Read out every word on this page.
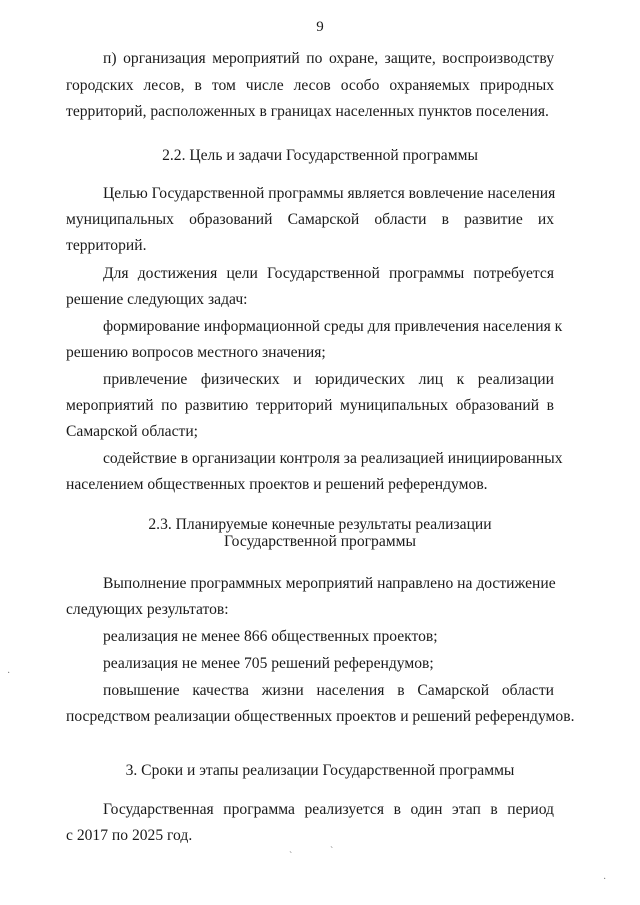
9
п) организация мероприятий по охране, защите, воспроизводству
городских лесов, в том числе лесов особо охраняемых природных
территорий, расположенных в границах населенных пунктов поселения.
2.2. Цель и задачи Государственной программы
Целью Государственной программы является вовлечение населения
муниципальных образований Самарской области в развитие их
территорий.
Для достижения цели Государственной программы потребуется
решение следующих задач:
формирование информационной среды для привлечения населения к
решению вопросов местного значения;
привлечение физических и юридических лиц к реализации
мероприятий по развитию территорий муниципальных образований в
Самарской области;
содействие в организации контроля за реализацией инициированных
населением общественных проектов и решений референдумов.
2.3. Планируемые конечные результаты реализации
Государственной программы
Выполнение программных мероприятий направлено на достижение
следующих результатов:
реализация не менее 866 общественных проектов;
реализация не менее 705 решений референдумов;
повышение качества жизни населения в Самарской области
посредством реализации общественных проектов и решений референдумов.
3. Сроки и этапы реализации Государственной программы
Государственная программа реализуется в один этап в период
с 2017 по 2025 год.
ˋ	ˋ
·
·
